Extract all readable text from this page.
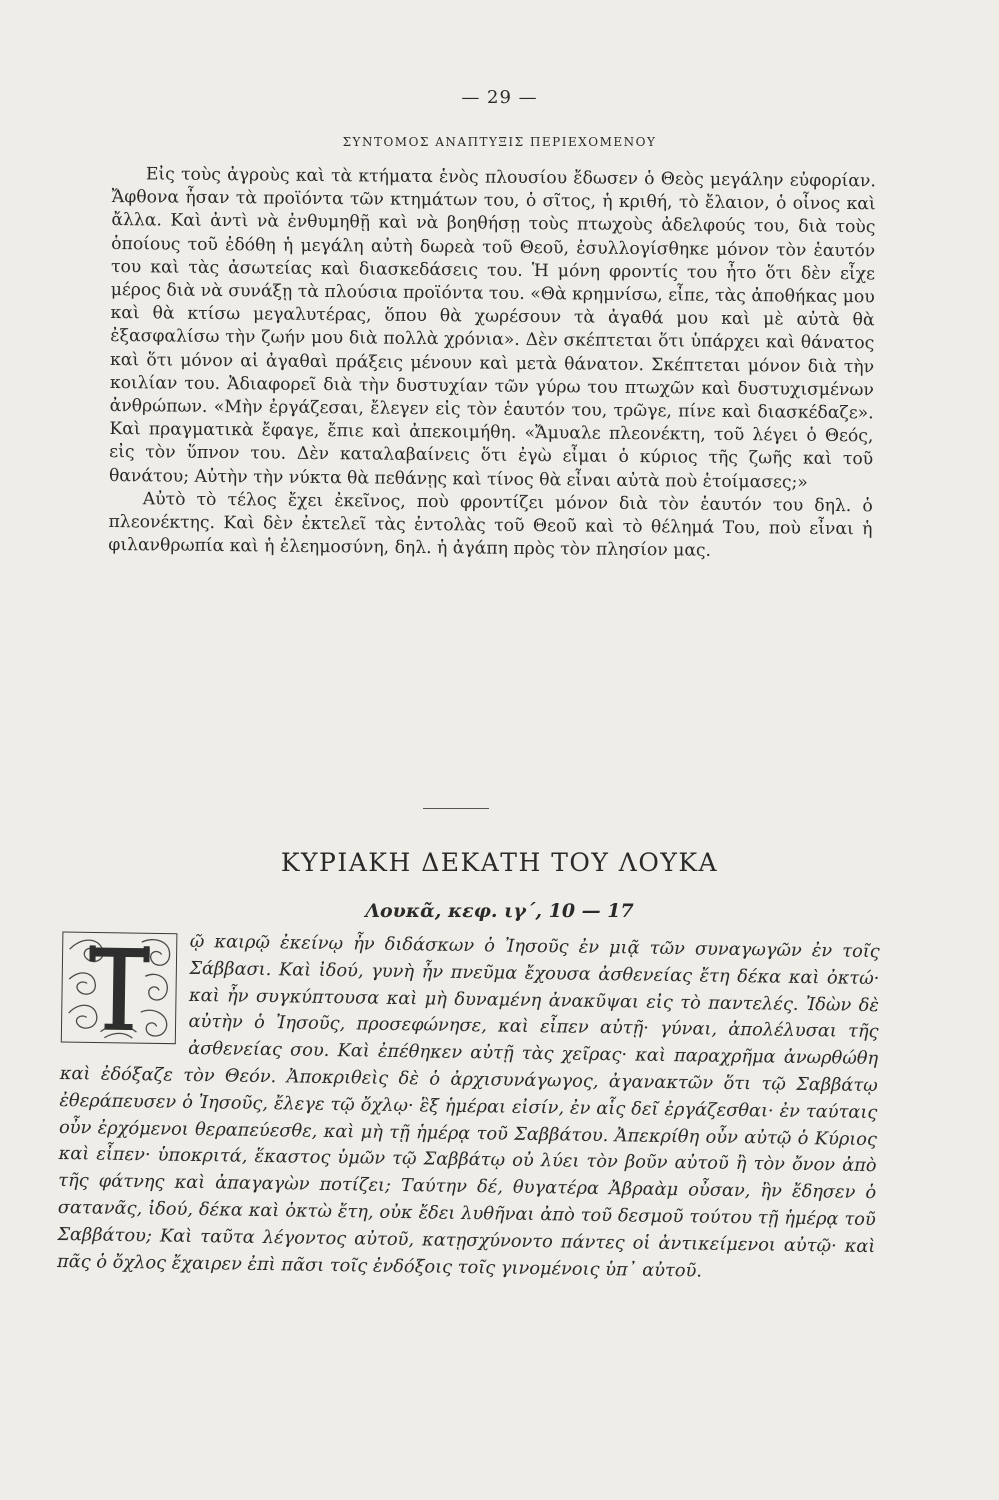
— 29 —
ΣΥΝΤΟΜΟΣ ΑΝΑΠΤΥΞΙΣ ΠΕΡΙΕΧΟΜΕΝΟΥ

Εἰς τοὺς ἀγροὺς καὶ τὰ κτήματα ἑνὸς πλουσίου ἔδωσεν ὁ Θεὸς μεγάλην εὐφορίαν. Ἄφθονα ἦσαν τὰ προϊόντα τῶν κτημάτων του, ὁ σῖτος, ἡ κριθή, τὸ ἔλαιον, ὁ οἶνος καὶ ἄλλα. Καὶ ἀντὶ νὰ ἐνθυμηθῇ καὶ νὰ βοηθήσῃ τοὺς πτωχοὺς ἀδελφούς του, διὰ τοὺς ὁποίους τοῦ ἐδόθη ἡ μεγάλη αὐτὴ δωρεὰ τοῦ Θεοῦ, ἐσυλλογίσθηκε μόνον τὸν ἑαυτόν του καὶ τὰς ἀσωτείας καὶ διασκεδάσεις του. Ἡ μόνη φροντίς του ἦτο ὅτι δὲν εἶχε μέρος διὰ νὰ συνάξῃ τὰ πλούσια προϊόντα του. «Θὰ κρημνίσω, εἶπε, τὰς ἀποθήκας μου καὶ θὰ κτίσω μεγαλυτέρας, ὅπου θὰ χωρέσουν τὰ ἀγαθά μου καὶ μὲ αὐτὰ θὰ ἐξασφαλίσω τὴν ζωήν μου διὰ πολλὰ χρόνια». Δὲν σκέπτεται ὅτι ὑπάρχει καὶ θάνατος καὶ ὅτι μόνον αἱ ἀγαθαὶ πράξεις μένουν καὶ μετὰ θάνατον. Σκέπτεται μόνον διὰ τὴν κοιλίαν του. Ἀδιαφορεῖ διὰ τὴν δυστυχίαν τῶν γύρω του πτωχῶν καὶ δυστυχισμένων ἀνθρώπων. «Μὴν ἐργάζεσαι, ἔλεγεν εἰς τὸν ἑαυτόν του, τρῶγε, πίνε καὶ διασκέδαζε». Καὶ πραγματικὰ ἔφαγε, ἔπιε καὶ ἀπεκοιμήθη. «Ἄμυαλε πλεονέκτη, τοῦ λέγει ὁ Θεός, εἰς τὸν ὕπνον του. Δὲν καταλαβαίνεις ὅτι ἐγὼ εἶμαι ὁ κύριος τῆς ζωῆς καὶ τοῦ θανάτου; Αὐτὴν τὴν νύκτα θὰ πεθάνῃς καὶ τίνος θὰ εἶναι αὐτὰ ποὺ ἑτοίμασες;»

Αὐτὸ τὸ τέλος ἔχει ἐκεῖνος, ποὺ φροντίζει μόνον διὰ τὸν ἑαυτόν του δηλ. ὁ πλεονέκτης. Καὶ δὲν ἐκτελεῖ τὰς ἐντολὰς τοῦ Θεοῦ καὶ τὸ θέλημά Του, ποὺ εἶναι ἡ φιλανθρωπία καὶ ἡ ἐλεημοσύνη, δηλ. ἡ ἀγάπη πρὸς τὸν πλησίον μας.

ΚΥΡΙΑΚΗ ΔΕΚΑΤΗ ΤΟΥ ΛΟΥΚΑ
Λουκᾶ, κεφ. ιγ΄, 10 — 17

ῷ καιρῷ ἐκείνῳ ἦν διδάσκων ὁ Ἰησοῦς ἐν μιᾷ τῶν συναγωγῶν ἐν τοῖς Σάββασι. Καὶ ἰδού, γυνὴ ἦν πνεῦμα ἔχουσα ἀσθενείας ἔτη δέκα καὶ ὀκτώ· καὶ ἦν συγκύπτουσα καὶ μὴ δυναμένη ἀνακῦψαι εἰς τὸ παντελές. Ἰδὼν δὲ αὐτὴν ὁ Ἰησοῦς, προσεφώνησε, καὶ εἶπεν αὐτῇ· γύναι, ἀπολέλυσαι τῆς ἀσθενείας σου. Καὶ ἐπέθηκεν αὐτῇ τὰς χεῖρας· καὶ παραχρῆμα ἀνωρθώθη καὶ ἐδόξαζε τὸν Θεόν. Ἀποκριθεὶς δὲ ὁ ἀρχισυνάγωγος, ἀγανακτῶν ὅτι τῷ Σαββάτῳ ἐθεράπευσεν ὁ Ἰησοῦς, ἔλεγε τῷ ὄχλῳ· ἓξ ἡμέραι εἰσίν, ἐν αἷς δεῖ ἐργάζεσθαι· ἐν ταύταις οὖν ἐρχόμενοι θεραπεύεσθε, καὶ μὴ τῇ ἡμέρᾳ τοῦ Σαββάτου. Ἀπεκρίθη οὖν αὐτῷ ὁ Κύριος καὶ εἶπεν· ὑποκριτά, ἕκαστος ὑμῶν τῷ Σαββάτῳ οὐ λύει τὸν βοῦν αὐτοῦ ἢ τὸν ὄνον ἀπὸ τῆς φάτνης καὶ ἀπαγαγὼν ποτίζει; Ταύτην δέ, θυγατέρα Ἀβραὰμ οὖσαν, ἣν ἔδησεν ὁ σατανᾶς, ἰδού, δέκα καὶ ὀκτὼ ἔτη, οὐκ ἔδει λυθῆναι ἀπὸ τοῦ δεσμοῦ τούτου τῇ ἡμέρᾳ τοῦ Σαββάτου; Καὶ ταῦτα λέγοντος αὐτοῦ, κατῃσχύνοντο πάντες οἱ ἀντικείμενοι αὐτῷ· καὶ πᾶς ὁ ὄχλος ἔχαιρεν ἐπὶ πᾶσι τοῖς ἐνδόξοις τοῖς γινομένοις ὑπ᾽ αὐτοῦ.
